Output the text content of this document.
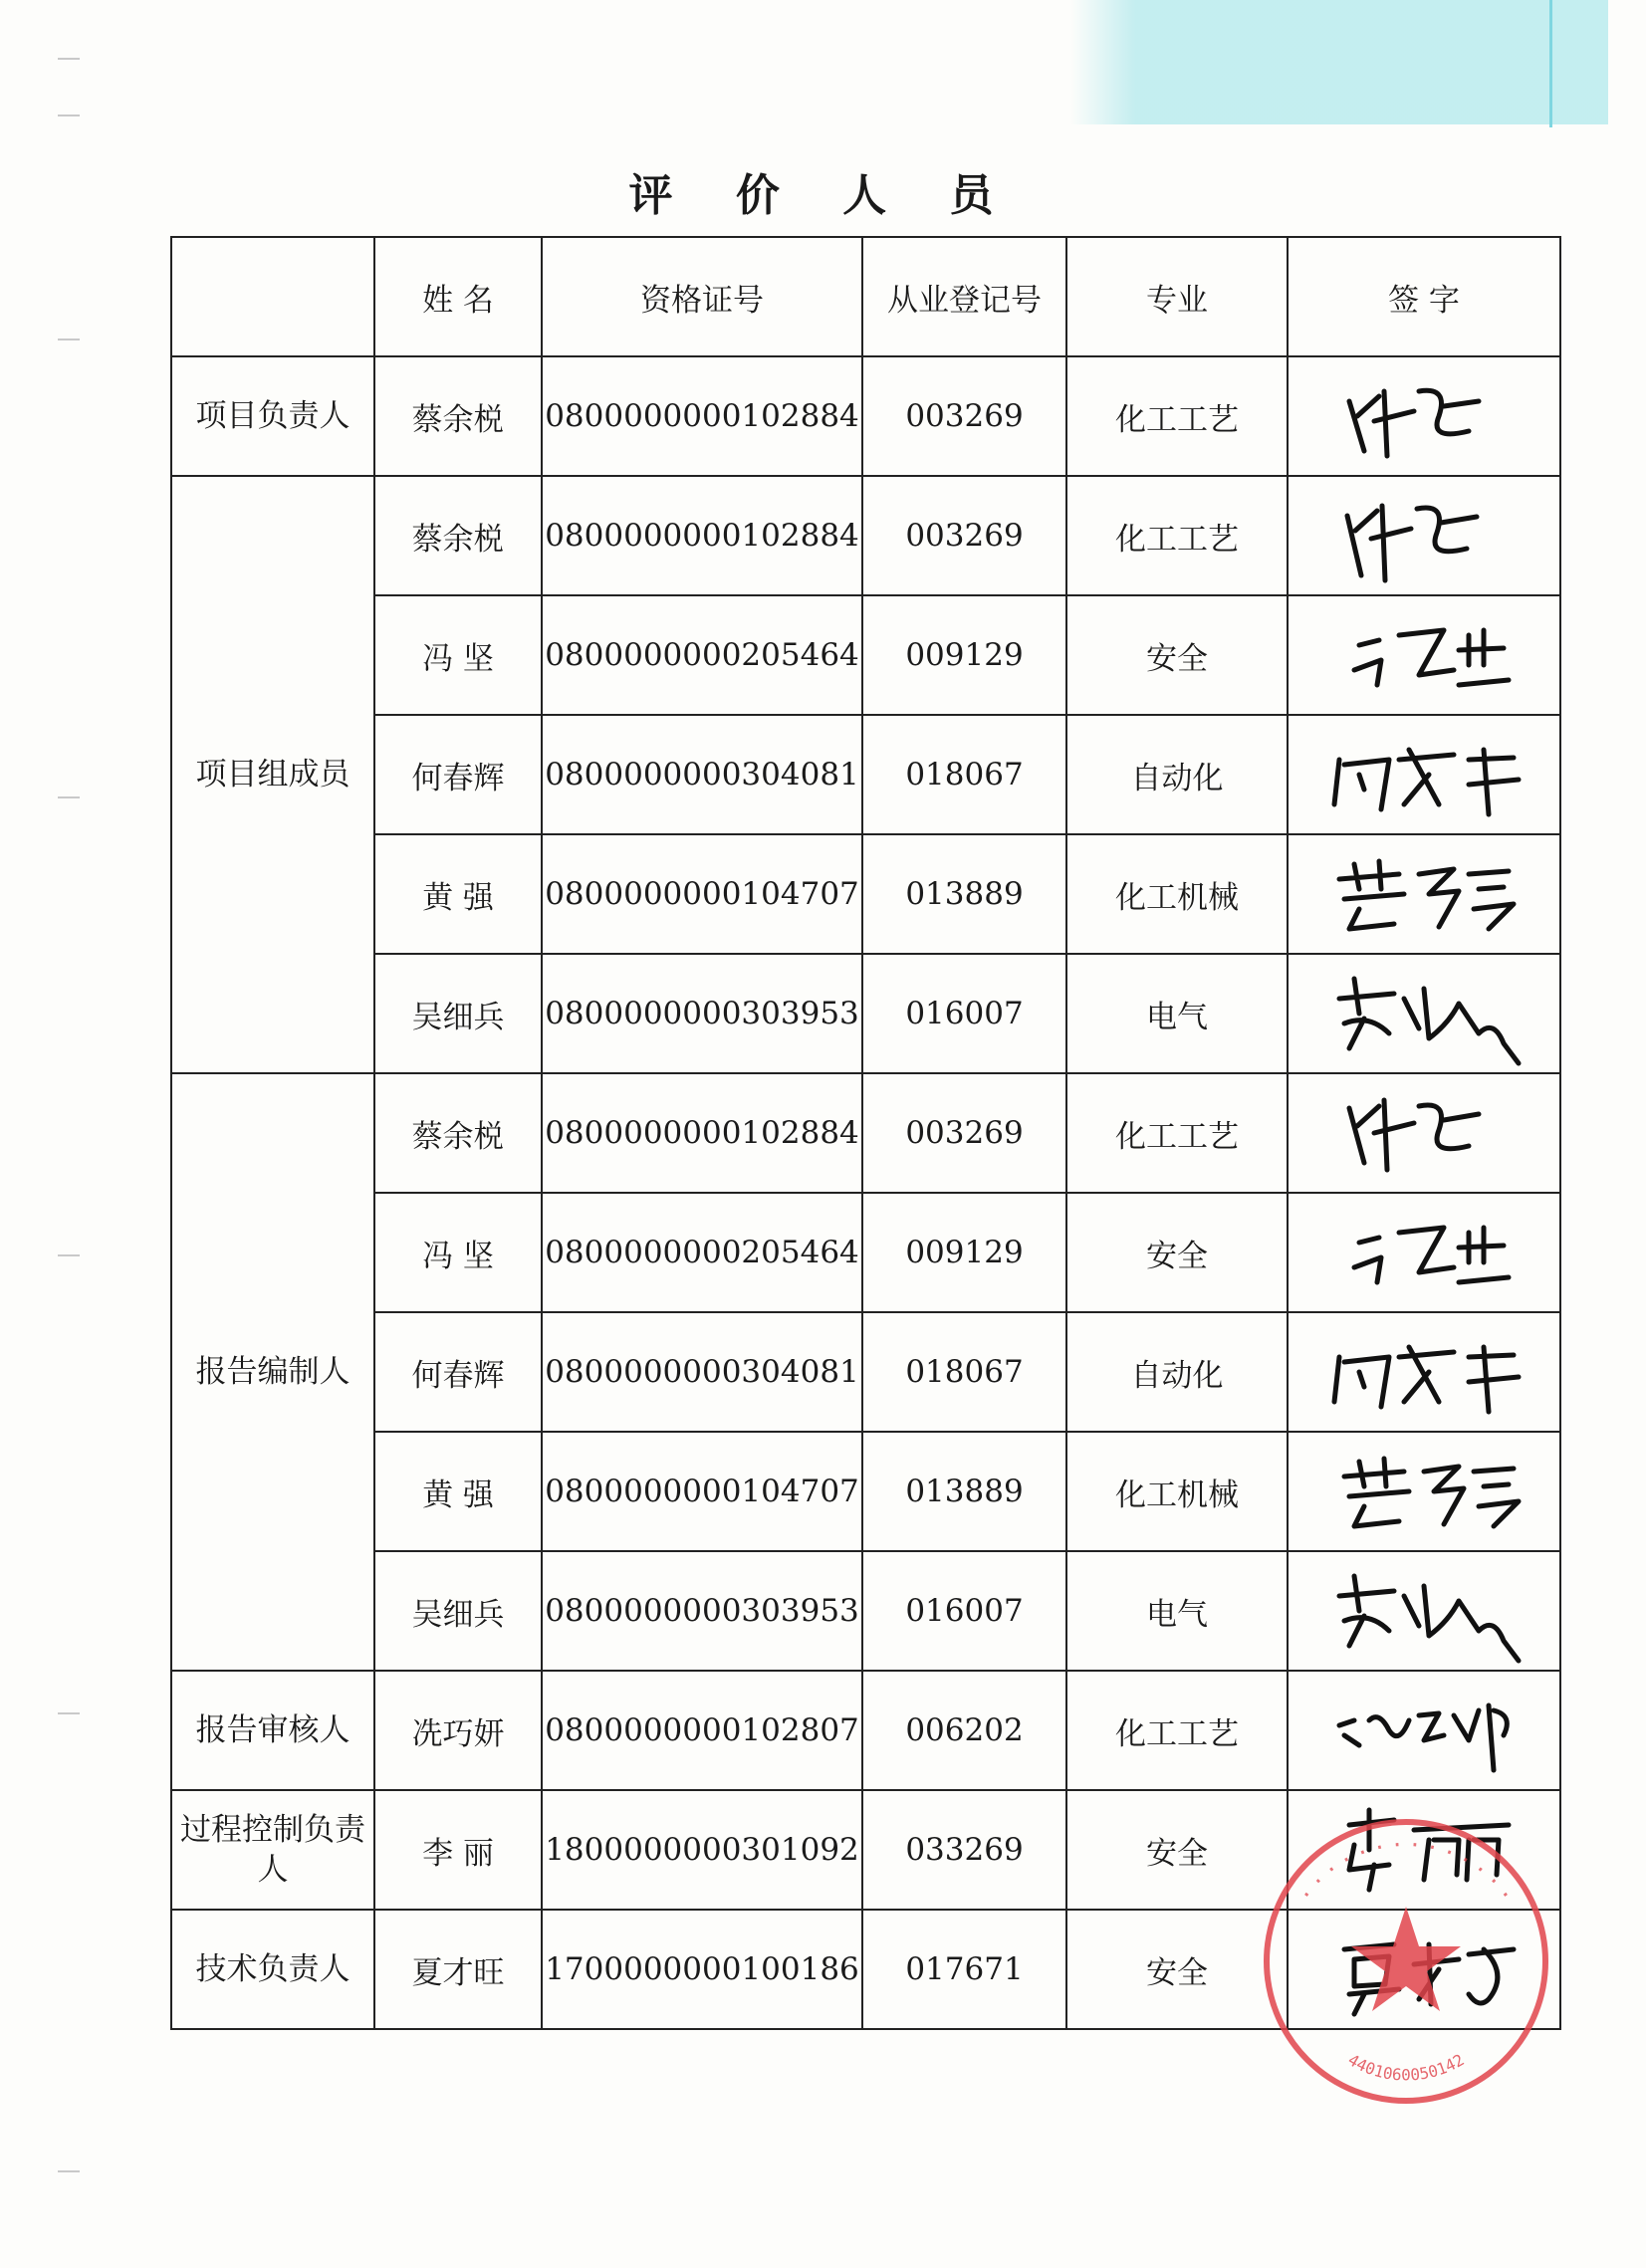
评 价 人 员
	姓 名	资格证号	从业登记号	专业	签 字
项目负责人	蔡余棁	0800000000102884	003269	化工工艺	

项目组成员	蔡余棁	0800000000102884	003269	化工工艺	

	冯 坚	0800000000205464	009129	安全	

	何春辉	0800000000304081	018067	自动化	

	黄 强	0800000000104707	013889	化工机械	

	吴细兵	0800000000303953	016007	电气	

报告编制人	蔡余棁	0800000000102884	003269	化工工艺	

	冯 坚	0800000000205464	009129	安全	

	何春辉	0800000000304081	018067	自动化	

	黄 强	0800000000104707	013889	化工机械	

	吴细兵	0800000000303953	016007	电气	

报告审核人	冼巧妍	0800000000102807	006202	化工工艺	

过程控制负责人	李 丽	1800000000301092	033269	安全	

技术负责人	夏才旺	1700000000100186	017671	安全	
· · · · · · · · · · · · · ·
4401060050142
